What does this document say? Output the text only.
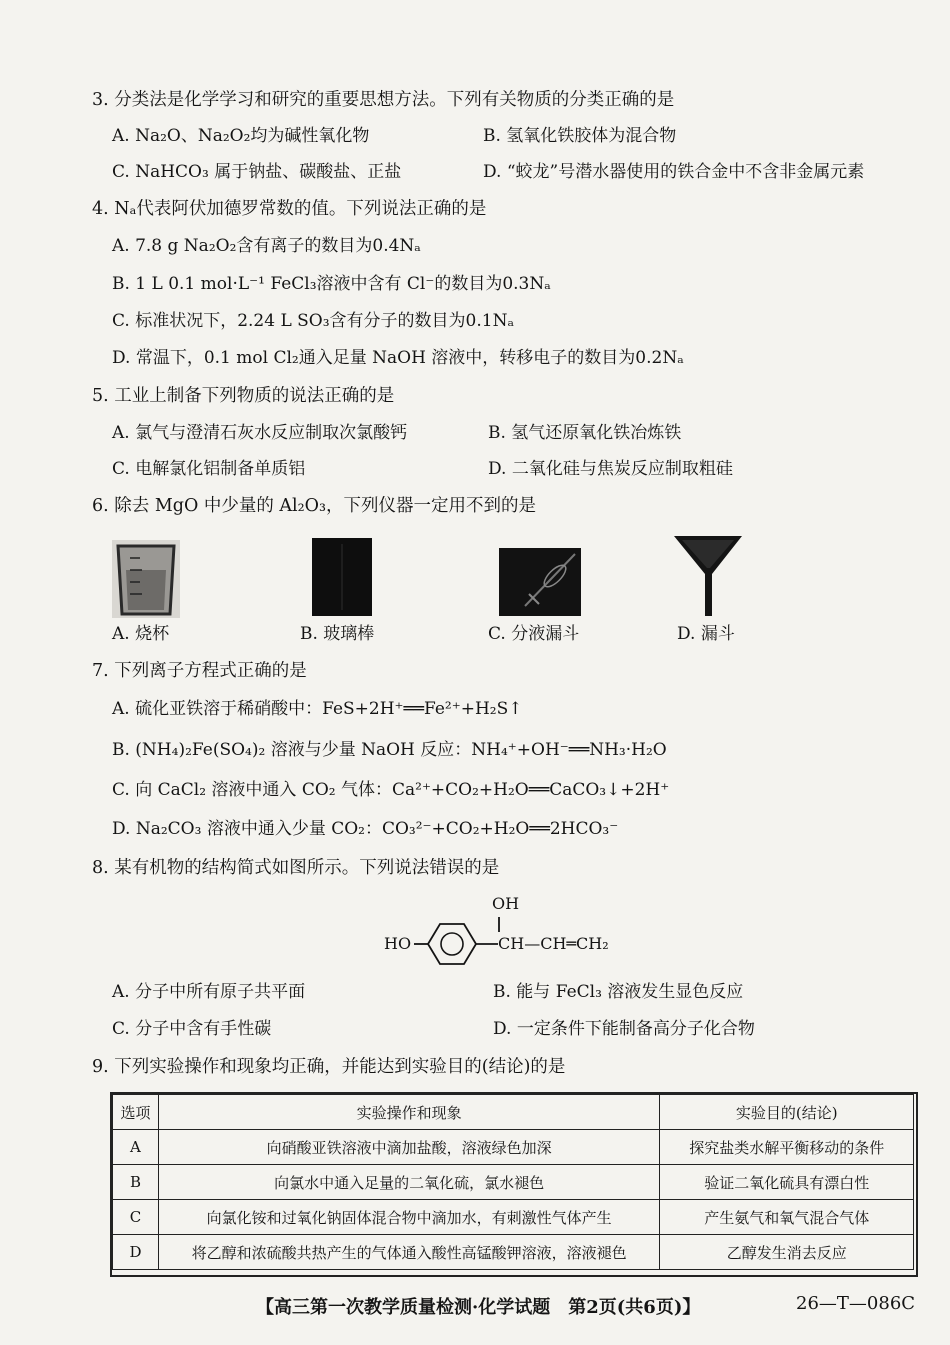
3. 分类法是化学学习和研究的重要思想方法。下列有关物质的分类正确的是
A. Na₂O、Na₂O₂均为碱性氧化物	B. 氢氧化铁胶体为混合物
C. NaHCO₃ 属于钠盐、碳酸盐、正盐	D. “蛟龙”号潜水器使用的铁合金中不含非金属元素
4. Nₐ代表阿伏加德罗常数的值。下列说法正确的是
A. 7.8 g Na₂O₂含有离子的数目为0.4Nₐ
B. 1 L 0.1 mol·L⁻¹ FeCl₃溶液中含有 Cl⁻的数目为0.3Nₐ
C. 标准状况下，2.24 L SO₃含有分子的数目为0.1Nₐ
D. 常温下，0.1 mol Cl₂通入足量 NaOH 溶液中，转移电子的数目为0.2Nₐ
5. 工业上制备下列物质的说法正确的是
A. 氯气与澄清石灰水反应制取次氯酸钙	B. 氢气还原氧化铁冶炼铁
C. 电解氯化铝制备单质铝	D. 二氧化硅与焦炭反应制取粗硅
6. 除去 MgO 中少量的 Al₂O₃，下列仪器一定用不到的是
A. 烧杯	B. 玻璃棒	C. 分液漏斗	D. 漏斗
7. 下列离子方程式正确的是
A. 硫化亚铁溶于稀硝酸中：FeS+2H⁺══Fe²⁺+H₂S↑
B. (NH₄)₂Fe(SO₄)₂ 溶液与少量 NaOH 反应：NH₄⁺+OH⁻══NH₃·H₂O
C. 向 CaCl₂ 溶液中通入 CO₂ 气体：Ca²⁺+CO₂+H₂O══CaCO₃↓+2H⁺
D. Na₂CO₃ 溶液中通入少量 CO₂：CO₃²⁻+CO₂+H₂O══2HCO₃⁻
8. 某有机物的结构简式如图所示。下列说法错误的是
OH
HO	CH—CH═CH₂
A. 分子中所有原子共平面	B. 能与 FeCl₃ 溶液发生显色反应
C. 分子中含有手性碳	D. 一定条件下能制备高分子化合物
9. 下列实验操作和现象均正确，并能达到实验目的(结论)的是
选项	实验操作和现象	实验目的(结论)
A	向硝酸亚铁溶液中滴加盐酸，溶液绿色加深	探究盐类水解平衡移动的条件
B	向氯水中通入足量的二氧化硫，氯水褪色	验证二氧化硫具有漂白性
C	向氯化铵和过氧化钠固体混合物中滴加水，有刺激性气体产生	产生氨气和氧气混合气体
D	将乙醇和浓硫酸共热产生的气体通入酸性高锰酸钾溶液，溶液褪色	乙醇发生消去反应
【高三第一次教学质量检测·化学试题　第2页(共6页)】	26—T—086C
